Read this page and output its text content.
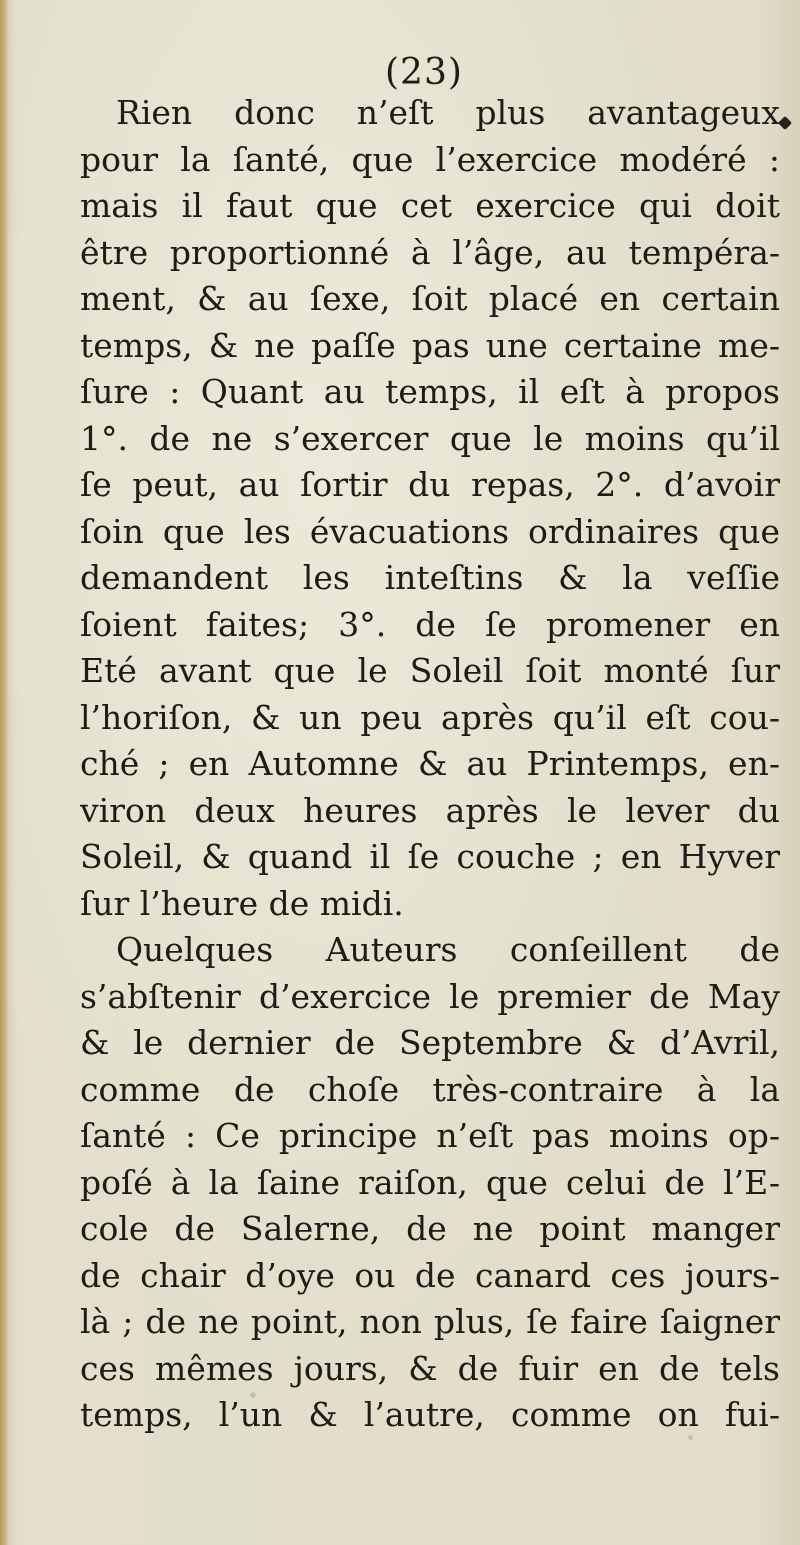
(23)
Rien donc n’eſt plus avantageux
pour la ſanté, que l’exercice modéré :
mais il faut que cet exercice qui doit
être proportionné à l’âge, au tempéra-
ment, & au ſexe, ſoit placé en certain
temps, & ne paſſe pas une certaine me-
ſure : Quant au temps, il eſt à propos
1°. de ne s’exercer que le moins qu’il
ſe peut, au ſortir du repas, 2°. d’avoir
ſoin que les évacuations ordinaires que
demandent les inteſtins & la veſſie
ſoient faites; 3°. de ſe promener en
Eté avant que le Soleil ſoit monté ſur
l’horiſon, & un peu après qu’il eſt cou-
ché ; en Automne & au Printemps, en-
viron deux heures après le lever du
Soleil, & quand il ſe couche ; en Hyver
ſur l’heure de midi.
Quelques Auteurs conſeillent de
s’abſtenir d’exercice le premier de May
& le dernier de Septembre & d’Avril,
comme de choſe très-contraire à la
ſanté : Ce principe n’eſt pas moins op-
poſé à la ſaine raiſon, que celui de l’E-
cole de Salerne, de ne point manger
de chair d’oye ou de canard ces jours-
là ; de ne point, non plus, ſe faire ſaigner
ces mêmes jours, & de fuir en de tels
temps, l’un & l’autre, comme on fui-
